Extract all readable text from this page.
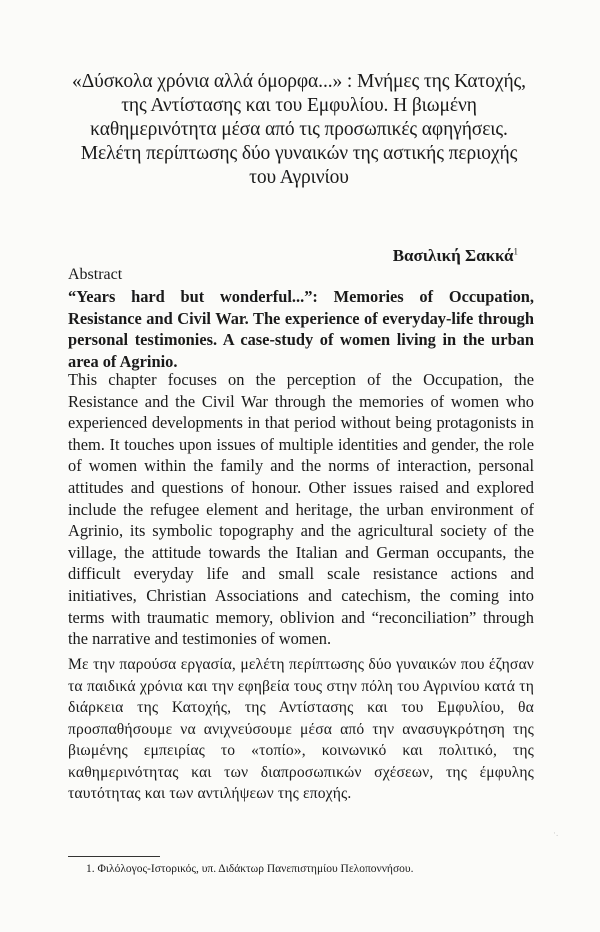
«Δύσκολα χρόνια αλλά όμορφα...» : Μνήμες της Κατοχής, της Αντίστασης και του Εμφυλίου. Η βιωμένη καθημερινότητα μέσα από τις προσωπικές αφηγήσεις. Μελέτη περίπτωσης δύο γυναικών της αστικής περιοχής του Αγρινίου
Βασιλική Σακκά$^1$
Abstract
“Years hard but wonderful...”: Memories of Occupation, Resistance and Civil War. The experience of everyday-life through personal testimonies. A case-study of women living in the urban area of Agrinio.
This chapter focuses on the perception of the Occupation, the Resistance and the Civil War through the memories of women who experienced developments in that period without being protagonists in them. It touches upon issues of multiple identities and gender, the role of women within the family and the norms of interaction, personal attitudes and questions of honour. Other issues raised and explored include the refugee element and heritage, the urban environment of Agrinio, its symbolic topography and the agricultural society of the village, the attitude towards the Italian and German occupants, the difficult everyday life and small scale resistance actions and initiatives, Christian Associations and catechism, the coming into terms with traumatic memory, oblivion and “reconciliation” through the narrative and testimonies of women.
Με την παρούσα εργασία, μελέτη περίπτωσης δύο γυναικών που έζησαν τα παιδικά χρόνια και την εφηβεία τους στην πόλη του Αγρινίου κατά τη διάρκεια της Κατοχής, της Αντίστασης και του Εμφυλίου, θα προσπαθήσουμε να ανιχνεύσουμε μέσα από την ανασυγκρότηση της βιωμένης εμπειρίας το «τοπίο», κοινωνικό και πολιτικό, της καθημερινότητας και των διαπροσωπικών σχέσεων, της έμφυλης ταυτότητας και των αντιλήψεων της εποχής.
1. Φιλόλογος-Ιστορικός, υπ. Διδάκτωρ Πανεπιστημίου Πελοποννήσου.
·.
